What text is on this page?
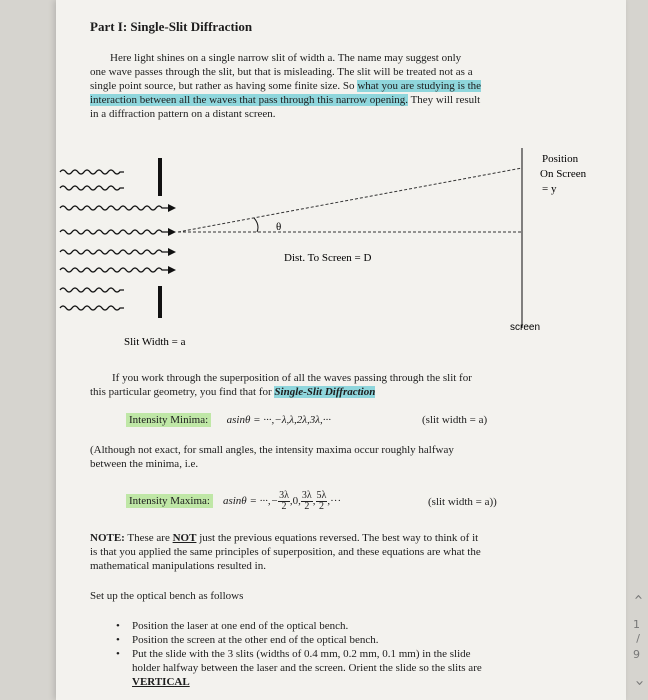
Part I: Single-Slit Diffraction
Here light shines on a single narrow slit of width a. The name may suggest only
one wave passes through the slit, but that is misleading. The slit will be treated not as a
single point source, but rather as having some finite size. So what you are studying is the
interaction between all the waves that pass through this narrow opening. They will result
in a diffraction pattern on a distant screen.
θ
Dist. To Screen = D
Position
On Screen
= y
screen
Slit Width = a
If you work through the superposition of all the waves passing through the slit for
this particular geometry, you find that for Single-Slit Diffraction
Intensity Minima: asinθ = ···,−λ,λ,2λ,3λ,···	(slit width = a)
(Although not exact, for small angles, the intensity maxima occur roughly halfway
between the minima, i.e.
Intensity Maxima: asinθ = ···,− $\frac{3\lambda}{2} ,0$, $\frac{3\lambda}{2}$ , $\frac{5\lambda}{2}$ ,···	(slit width = a))
NOTE: These are NOT just the previous equations reversed. The best way to think of it
is that you applied the same principles of superposition, and these equations are what the
mathematical manipulations resulted in.
Set up the optical bench as follows
• Position the laser at one end of the optical bench.
• Position the screen at the other end of the optical bench.
• Put the slide with the 3 slits (widths of 0.4 mm, 0.2 mm, 0.1 mm) in the slide
holder halfway between the laser and the screen. Orient the slide so the slits are
VERTICAL
‹
1
/
9
‹
